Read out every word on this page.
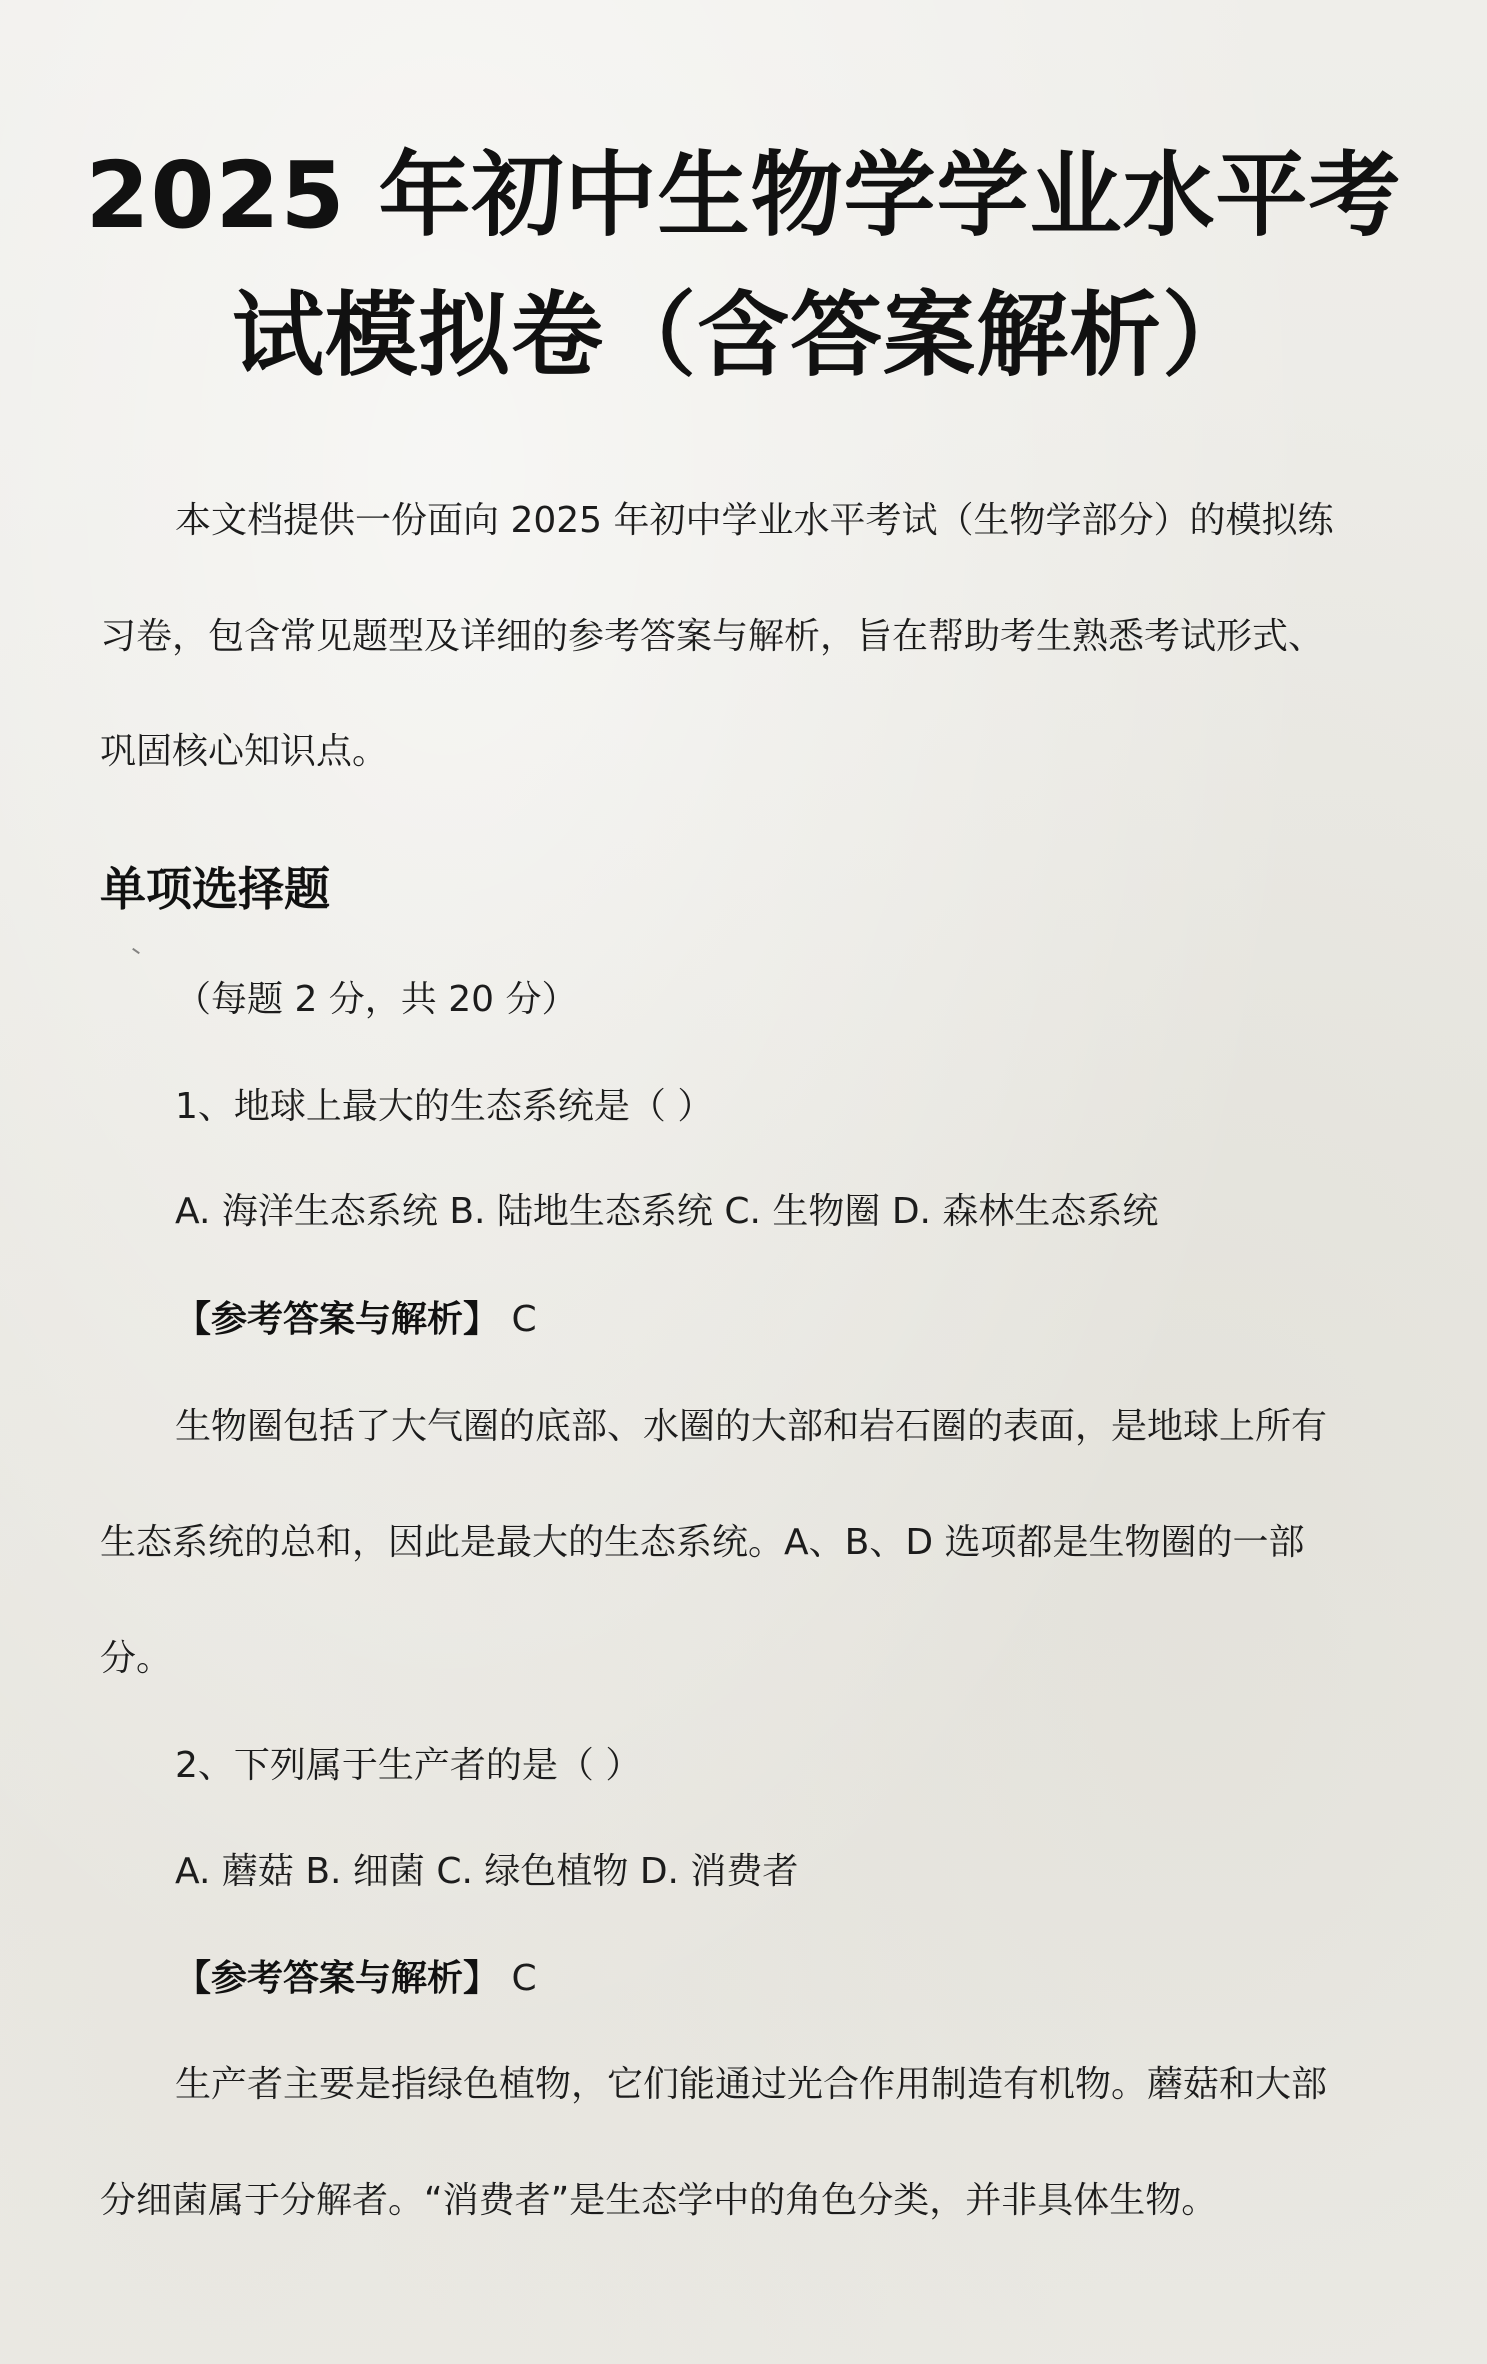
2025 年初中生物学学业水平考
试模拟卷（含答案解析）
本文档提供一份面向 2025 年初中学业水平考试（生物学部分）的模拟练
习卷，包含常见题型及详细的参考答案与解析，旨在帮助考生熟悉考试形式、
巩固核心知识点。
单项选择题
（每题 2 分，共 20 分）
1、地球上最大的生态系统是（ ）
A. 海洋生态系统 B. 陆地生态系统 C. 生物圈 D. 森林生态系统
【参考答案与解析】 C
生物圈包括了大气圈的底部、水圈的大部和岩石圈的表面，是地球上所有
生态系统的总和，因此是最大的生态系统。A、B、D 选项都是生物圈的一部
分。
2、下列属于生产者的是（ ）
A. 蘑菇 B. 细菌 C. 绿色植物 D. 消费者
【参考答案与解析】 C
生产者主要是指绿色植物，它们能通过光合作用制造有机物。蘑菇和大部
分细菌属于分解者。“消费者”是生态学中的角色分类，并非具体生物。
